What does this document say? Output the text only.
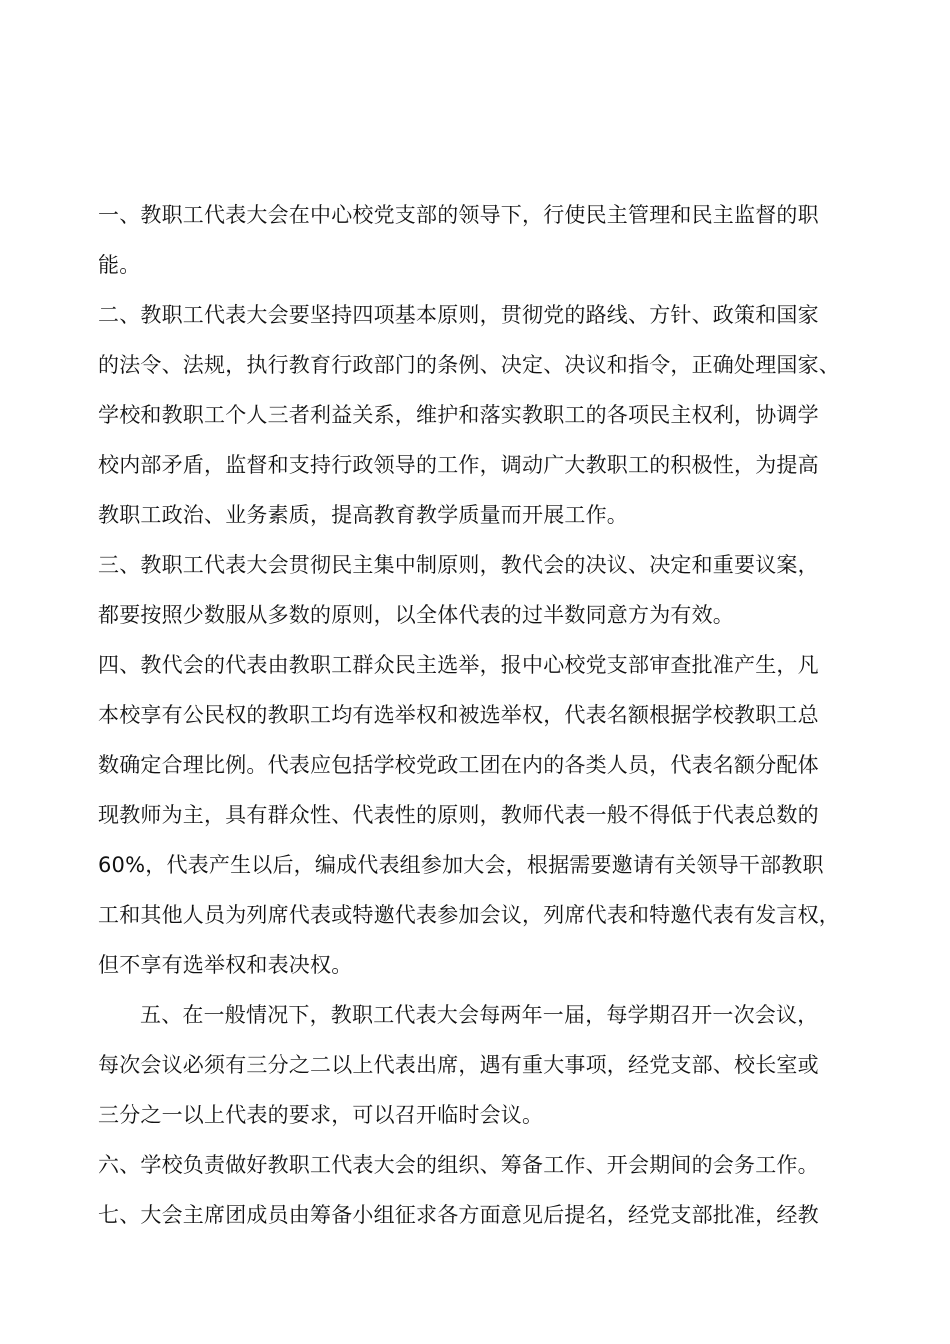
一、教职工代表大会在中心校党支部的领导下，行使民主管理和民主监督的职
能。
二、教职工代表大会要坚持四项基本原则，贯彻党的路线、方针、政策和国家
的法令、法规，执行教育行政部门的条例、决定、决议和指令，正确处理国家、
学校和教职工个人三者利益关系，维护和落实教职工的各项民主权利，协调学
校内部矛盾，监督和支持行政领导的工作，调动广大教职工的积极性，为提高
教职工政治、业务素质，提高教育教学质量而开展工作。
三、教职工代表大会贯彻民主集中制原则，教代会的决议、决定和重要议案，
都要按照少数服从多数的原则，以全体代表的过半数同意方为有效。
四、教代会的代表由教职工群众民主选举，报中心校党支部审查批准产生，凡
本校享有公民权的教职工均有选举权和被选举权，代表名额根据学校教职工总
数确定合理比例。代表应包括学校党政工团在内的各类人员，代表名额分配体
现教师为主，具有群众性、代表性的原则，教师代表一般不得低于代表总数的
60%，代表产生以后，编成代表组参加大会，根据需要邀请有关领导干部教职
工和其他人员为列席代表或特邀代表参加会议，列席代表和特邀代表有发言权，
但不享有选举权和表决权。
五、在一般情况下，教职工代表大会每两年一届，每学期召开一次会议，
每次会议必须有三分之二以上代表出席，遇有重大事项，经党支部、校长室或
三分之一以上代表的要求，可以召开临时会议。
六、学校负责做好教职工代表大会的组织、筹备工作、开会期间的会务工作。
七、大会主席团成员由筹备小组征求各方面意见后提名，经党支部批准，经教
